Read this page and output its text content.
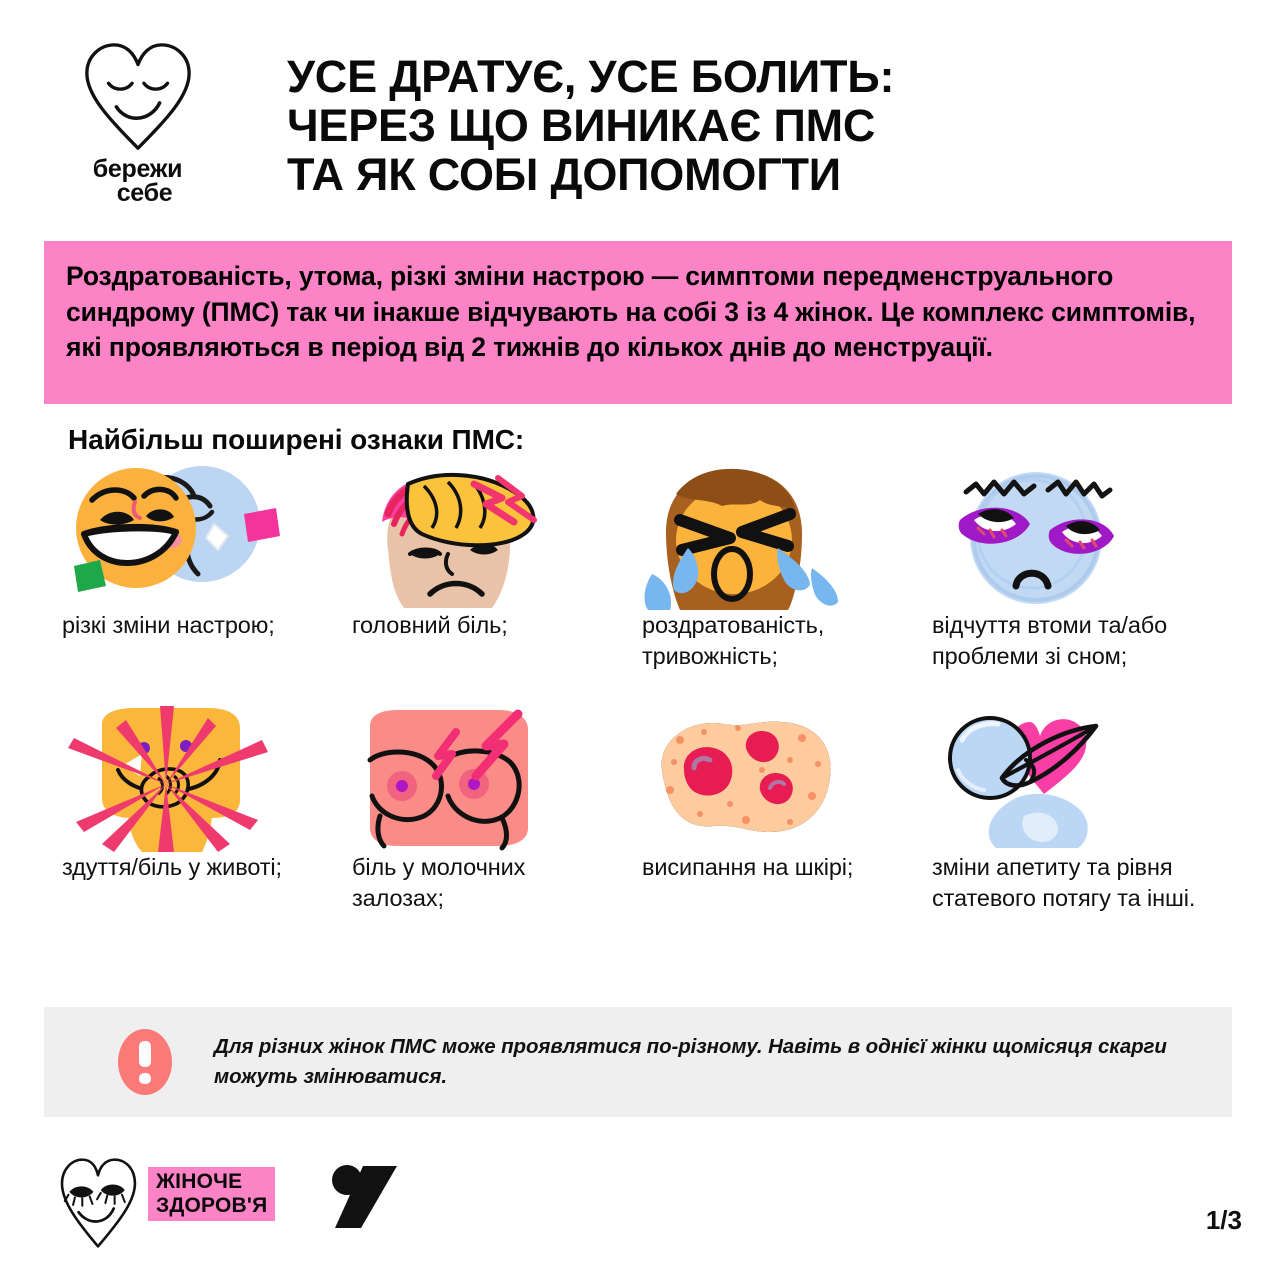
бережи
себе
УСЕ ДРАТУЄ, УСЕ БОЛИТЬ:
ЧЕРЕЗ ЩО ВИНИКАЄ ПМС
ТА ЯК СОБІ ДОПОМОГТИ

Роздратованість, утома, різкі зміни настрою — симптоми передменструального синдрому (ПМС) так чи інакше відчувають на собі 3 із 4 жінок. Це комплекс симптомів, які проявляються в період від 2 тижнів до кількох днів до менструації.

Найбільш поширені ознаки ПМС:
різкі зміни настрою;	головний біль;	роздратованість, тривожність;
відчуття втоми та/або проблеми зі сном;
здуття/біль у животі;	біль у молочних залозах;
висипання на шкірі;	зміни апетиту та рівня статевого потягу та інші.
Для різних жінок ПМС може проявлятися по-різному. Навіть в однієї жінки щомісяця скарги можуть змінюватися.
ЖІНОЧЕ
ЗДОРОВ'Я	1/3
